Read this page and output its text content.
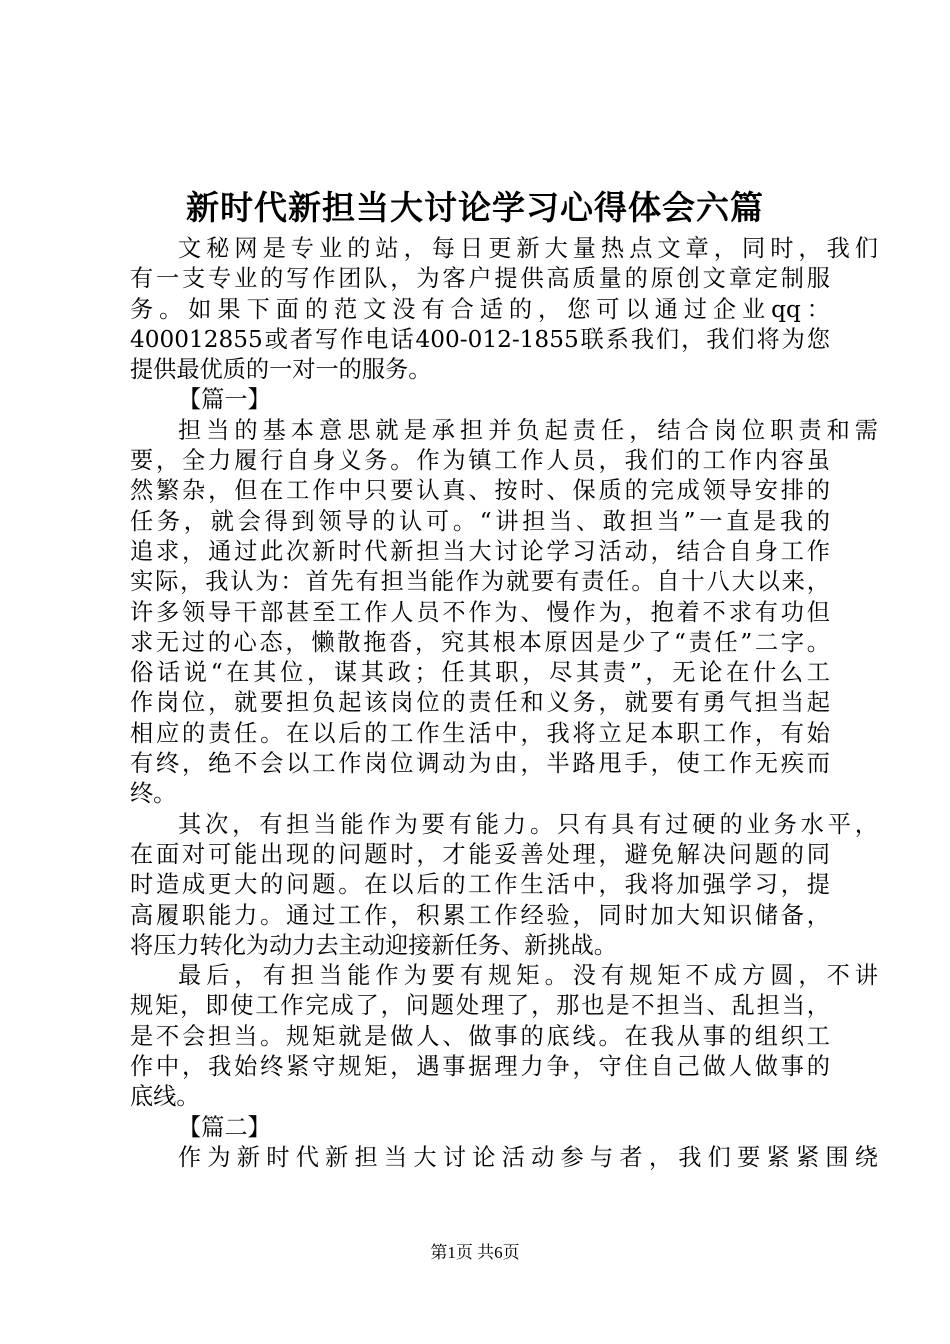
新时代新担当大讨论学习心得体会六篇
文秘网是专业的站，每日更新大量热点文章，同时，我们
有一支专业的写作团队，为客户提供高质量的原创文章定制服
务。如果下面的范文没有合适的，您可以通过企业qq：
400012855或者写作电话400-012-1855联系我们，我们将为您
提供最优质的一对一的服务。
【篇一】
担当的基本意思就是承担并负起责任，结合岗位职责和需
要，全力履行自身义务。作为镇工作人员，我们的工作内容虽
然繁杂，但在工作中只要认真、按时、保质的完成领导安排的
任务，就会得到领导的认可。“讲担当、敢担当”一直是我的
追求，通过此次新时代新担当大讨论学习活动，结合自身工作
实际，我认为：首先有担当能作为就要有责任。自十八大以来，
许多领导干部甚至工作人员不作为、慢作为，抱着不求有功但
求无过的心态，懒散拖沓，究其根本原因是少了“责任”二字。
俗话说“在其位，谋其政；任其职，尽其责”，无论在什么工
作岗位，就要担负起该岗位的责任和义务，就要有勇气担当起
相应的责任。在以后的工作生活中，我将立足本职工作，有始
有终，绝不会以工作岗位调动为由，半路甩手，使工作无疾而
终。
其次，有担当能作为要有能力。只有具有过硬的业务水平，
在面对可能出现的问题时，才能妥善处理，避免解决问题的同
时造成更大的问题。在以后的工作生活中，我将加强学习，提
高履职能力。通过工作，积累工作经验，同时加大知识储备，
将压力转化为动力去主动迎接新任务、新挑战。
最后，有担当能作为要有规矩。没有规矩不成方圆，不讲
规矩，即使工作完成了，问题处理了，那也是不担当、乱担当，
是不会担当。规矩就是做人、做事的底线。在我从事的组织工
作中，我始终紧守规矩，遇事据理力争，守住自己做人做事的
底线。
【篇二】
作为新时代新担当大讨论活动参与者，我们要紧紧围绕
第1页 共6页
